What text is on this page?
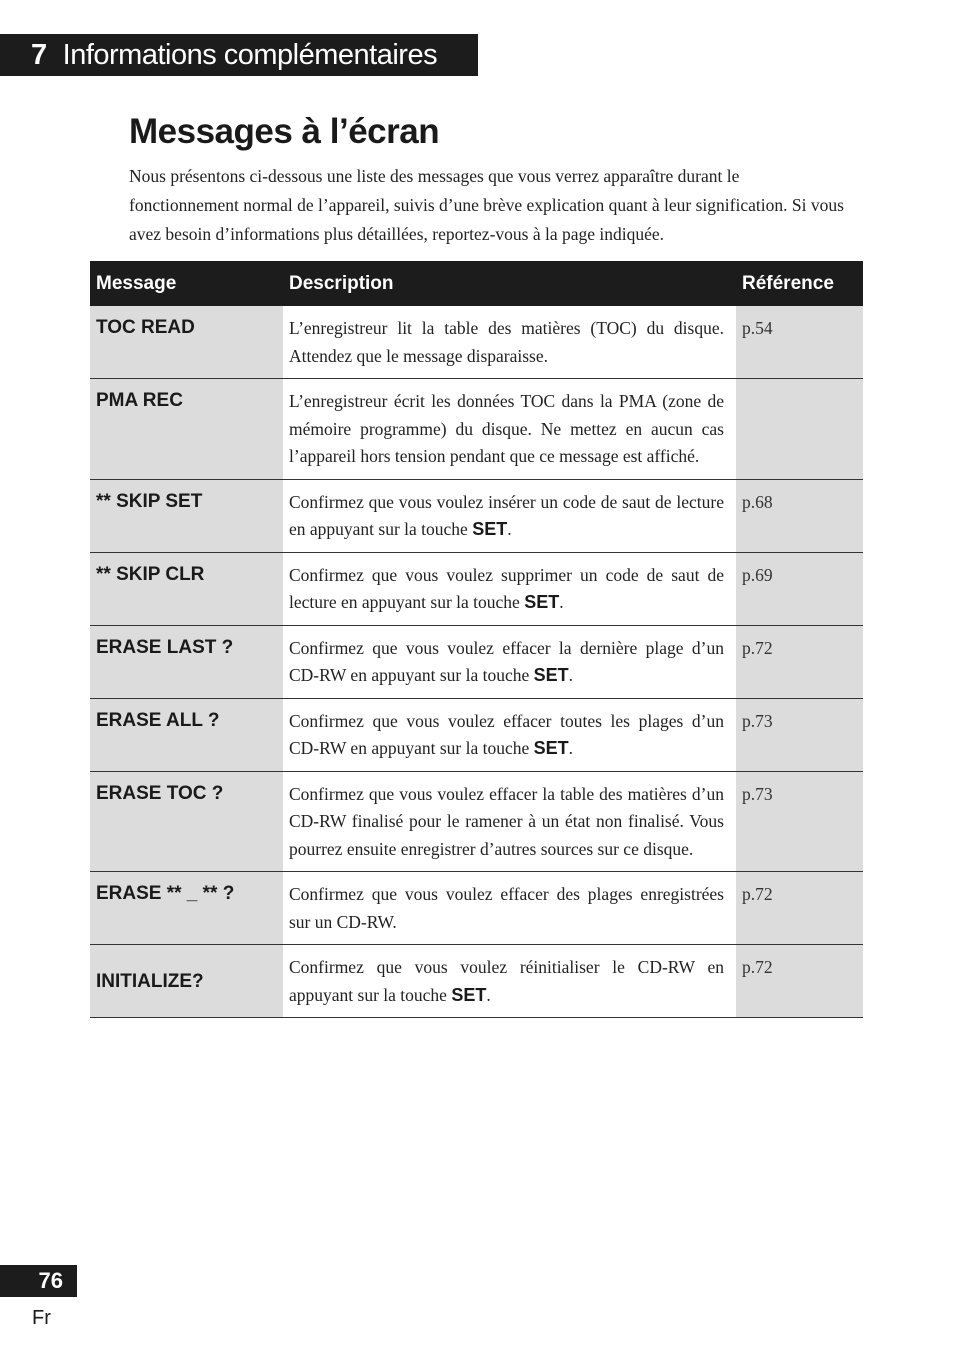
7 Informations complémentaires
Messages à l’écran

Nous présentons ci-dessous une liste des messages que vous verrez apparaître durant le fonctionnement normal de l’appareil, suivis d’une brève explication quant à leur signification. Si vous avez besoin d’informations plus détaillées, reportez-vous à la page indiquée.

Message	Description	Référence
TOC READ	L’enregistreur lit la table des matières (TOC) du disque. Attendez que le message disparaisse.	p.54
PMA REC	L’enregistreur écrit les données TOC dans la PMA (zone de mémoire programme) du disque. Ne mettez en aucun cas l’appareil hors tension pendant que ce message est affiché.	
** SKIP SET	Confirmez que vous voulez insérer un code de saut de lecture en appuyant sur la touche SET.	p.68
** SKIP CLR	Confirmez que vous voulez supprimer un code de saut de lecture en appuyant sur la touche SET.	p.69
ERASE LAST ?	Confirmez que vous voulez effacer la dernière plage d’un CD-RW en appuyant sur la touche SET.	p.72
ERASE ALL ?	Confirmez que vous voulez effacer toutes les plages d’un CD-RW en appuyant sur la touche SET.	p.73
ERASE TOC ?	Confirmez que vous voulez effacer la table des matières d’un CD-RW finalisé pour le ramener à un état non finalisé. Vous pourrez ensuite enregistrer d’autres sources sur ce disque.	p.73
ERASE ** _ ** ?	Confirmez que vous voulez effacer des plages enregistrées sur un CD-RW.	p.72
INITIALIZE?	Confirmez que vous voulez réinitialiser le CD-RW en appuyant sur la touche SET.	p.72
76
Fr
